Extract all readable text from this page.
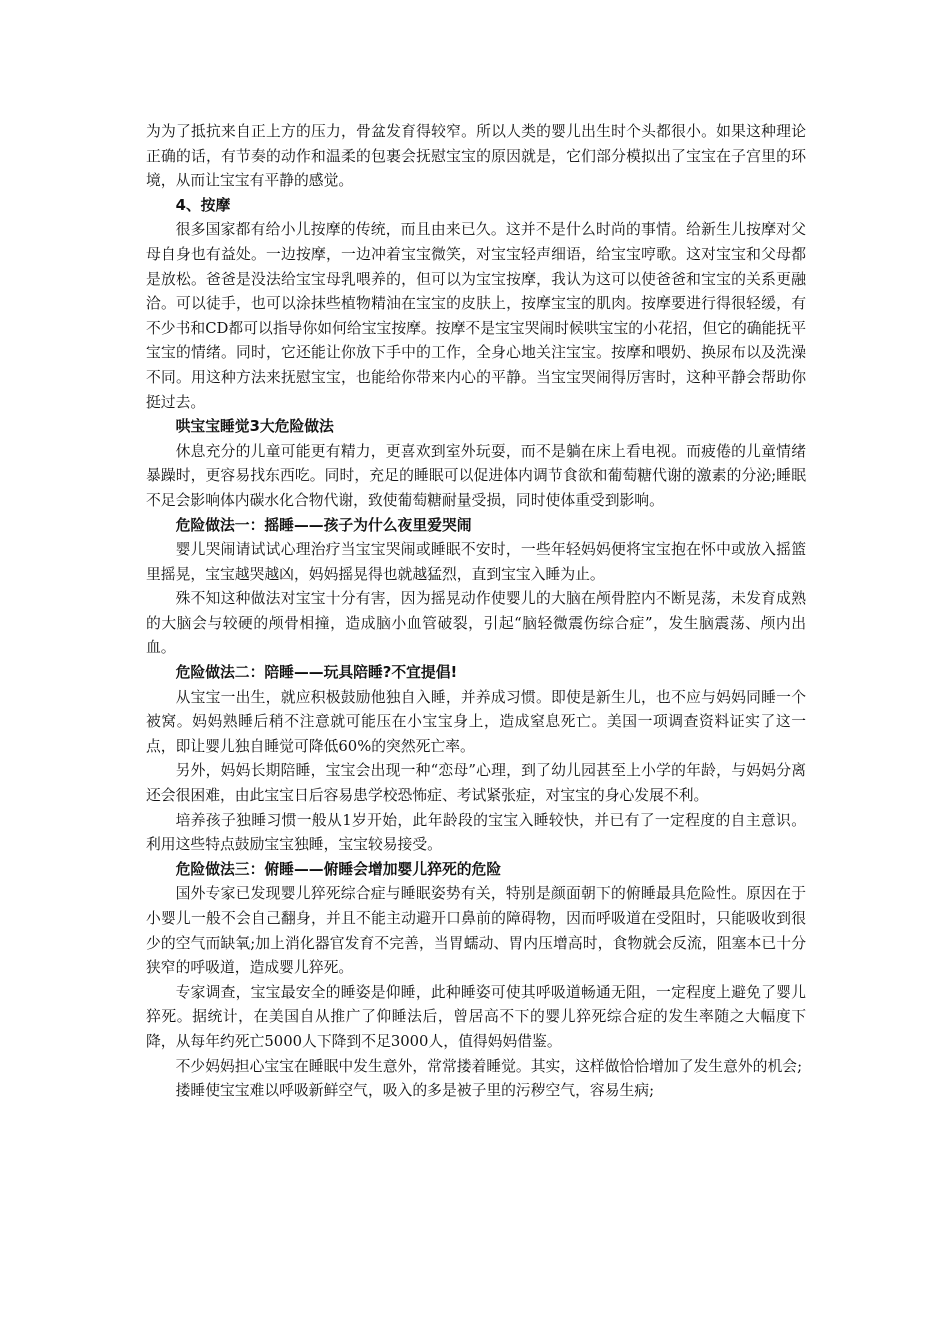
为为了抵抗来自正上方的压力，骨盆发育得较窄。所以人类的婴儿出生时个头都很小。如果这种理论正确的话，有节奏的动作和温柔的包裹会抚慰宝宝的原因就是，它们部分模拟出了宝宝在子宫里的环境，从而让宝宝有平静的感觉。

4、按摩

很多国家都有给小儿按摩的传统，而且由来已久。这并不是什么时尚的事情。给新生儿按摩对父母自身也有益处。一边按摩，一边冲着宝宝微笑，对宝宝轻声细语，给宝宝哼歌。这对宝宝和父母都是放松。爸爸是没法给宝宝母乳喂养的，但可以为宝宝按摩，我认为这可以使爸爸和宝宝的关系更融洽。可以徒手，也可以涂抹些植物精油在宝宝的皮肤上，按摩宝宝的肌肉。按摩要进行得很轻缓，有不少书和CD都可以指导你如何给宝宝按摩。按摩不是宝宝哭闹时候哄宝宝的小花招，但它的确能抚平宝宝的情绪。同时，它还能让你放下手中的工作，全身心地关注宝宝。按摩和喂奶、换尿布以及洗澡不同。用这种方法来抚慰宝宝，也能给你带来内心的平静。当宝宝哭闹得厉害时，这种平静会帮助你挺过去。

哄宝宝睡觉3大危险做法

休息充分的儿童可能更有精力，更喜欢到室外玩耍，而不是躺在床上看电视。而疲倦的儿童情绪暴躁时，更容易找东西吃。同时，充足的睡眠可以促进体内调节食欲和葡萄糖代谢的激素的分泌;睡眠不足会影响体内碳水化合物代谢，致使葡萄糖耐量受损，同时使体重受到影响。

危险做法一：摇睡——孩子为什么夜里爱哭闹

婴儿哭闹请试试心理治疗当宝宝哭闹或睡眠不安时，一些年轻妈妈便将宝宝抱在怀中或放入摇篮里摇晃，宝宝越哭越凶，妈妈摇晃得也就越猛烈，直到宝宝入睡为止。

殊不知这种做法对宝宝十分有害，因为摇晃动作使婴儿的大脑在颅骨腔内不断晃荡，未发育成熟的大脑会与较硬的颅骨相撞，造成脑小血管破裂，引起“脑轻微震伤综合症”，发生脑震荡、颅内出血。

危险做法二：陪睡——玩具陪睡?不宜提倡!

从宝宝一出生，就应积极鼓励他独自入睡，并养成习惯。即使是新生儿，也不应与妈妈同睡一个被窝。妈妈熟睡后稍不注意就可能压在小宝宝身上，造成窒息死亡。美国一项调查资料证实了这一点，即让婴儿独自睡觉可降低60%的突然死亡率。

另外，妈妈长期陪睡，宝宝会出现一种“恋母”心理，到了幼儿园甚至上小学的年龄，与妈妈分离还会很困难，由此宝宝日后容易患学校恐怖症、考试紧张症，对宝宝的身心发展不利。

培养孩子独睡习惯一般从1岁开始，此年龄段的宝宝入睡较快，并已有了一定程度的自主意识。利用这些特点鼓励宝宝独睡，宝宝较易接受。

危险做法三：俯睡——俯睡会增加婴儿猝死的危险

国外专家已发现婴儿猝死综合症与睡眠姿势有关，特别是颜面朝下的俯睡最具危险性。原因在于小婴儿一般不会自己翻身，并且不能主动避开口鼻前的障碍物，因而呼吸道在受阻时，只能吸收到很少的空气而缺氧;加上消化器官发育不完善，当胃蠕动、胃内压增高时，食物就会反流，阻塞本已十分狭窄的呼吸道，造成婴儿猝死。

专家调查，宝宝最安全的睡姿是仰睡，此种睡姿可使其呼吸道畅通无阻，一定程度上避免了婴儿猝死。据统计，在美国自从推广了仰睡法后，曾居高不下的婴儿猝死综合症的发生率随之大幅度下降，从每年约死亡5000人下降到不足3000人，值得妈妈借鉴。

不少妈妈担心宝宝在睡眠中发生意外，常常搂着睡觉。其实，这样做恰恰增加了发生意外的机会;

搂睡使宝宝难以呼吸新鲜空气，吸入的多是被子里的污秽空气，容易生病;
